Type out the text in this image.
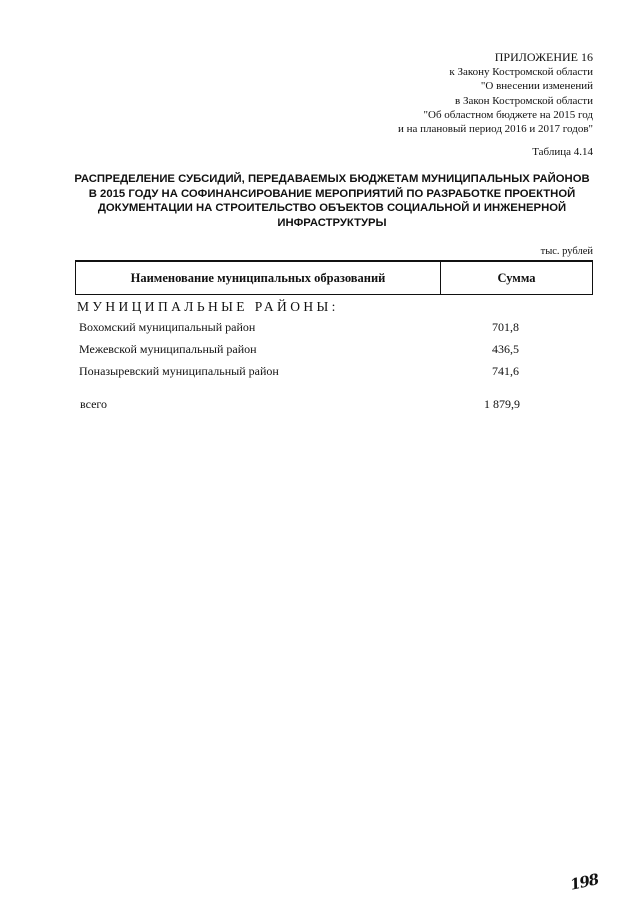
ПРИЛОЖЕНИЕ 16
к Закону Костромской области
"О внесении изменений
в Закон Костромской области
"Об областном бюджете на 2015 год
и на плановый период 2016 и 2017 годов"
Таблица 4.14
РАСПРЕДЕЛЕНИЕ СУБСИДИЙ, ПЕРЕДАВАЕМЫХ БЮДЖЕТАМ МУНИЦИПАЛЬНЫХ РАЙОНОВ В 2015 ГОДУ НА СОФИНАНСИРОВАНИЕ МЕРОПРИЯТИЙ ПО РАЗРАБОТКЕ ПРОЕКТНОЙ ДОКУМЕНТАЦИИ НА СТРОИТЕЛЬСТВО ОБЪЕКТОВ СОЦИАЛЬНОЙ И ИНЖЕНЕРНОЙ ИНФРАСТРУКТУРЫ
тыс. рублей
Наименование муниципальных образований	Сумма
МУНИЦИПАЛЬНЫЕ РАЙОНЫ:
Вохомский муниципальный район	701,8
Межевской муниципальный район	436,5
Поназыревский муниципальный район	741,6
всего	1 879,9
198
